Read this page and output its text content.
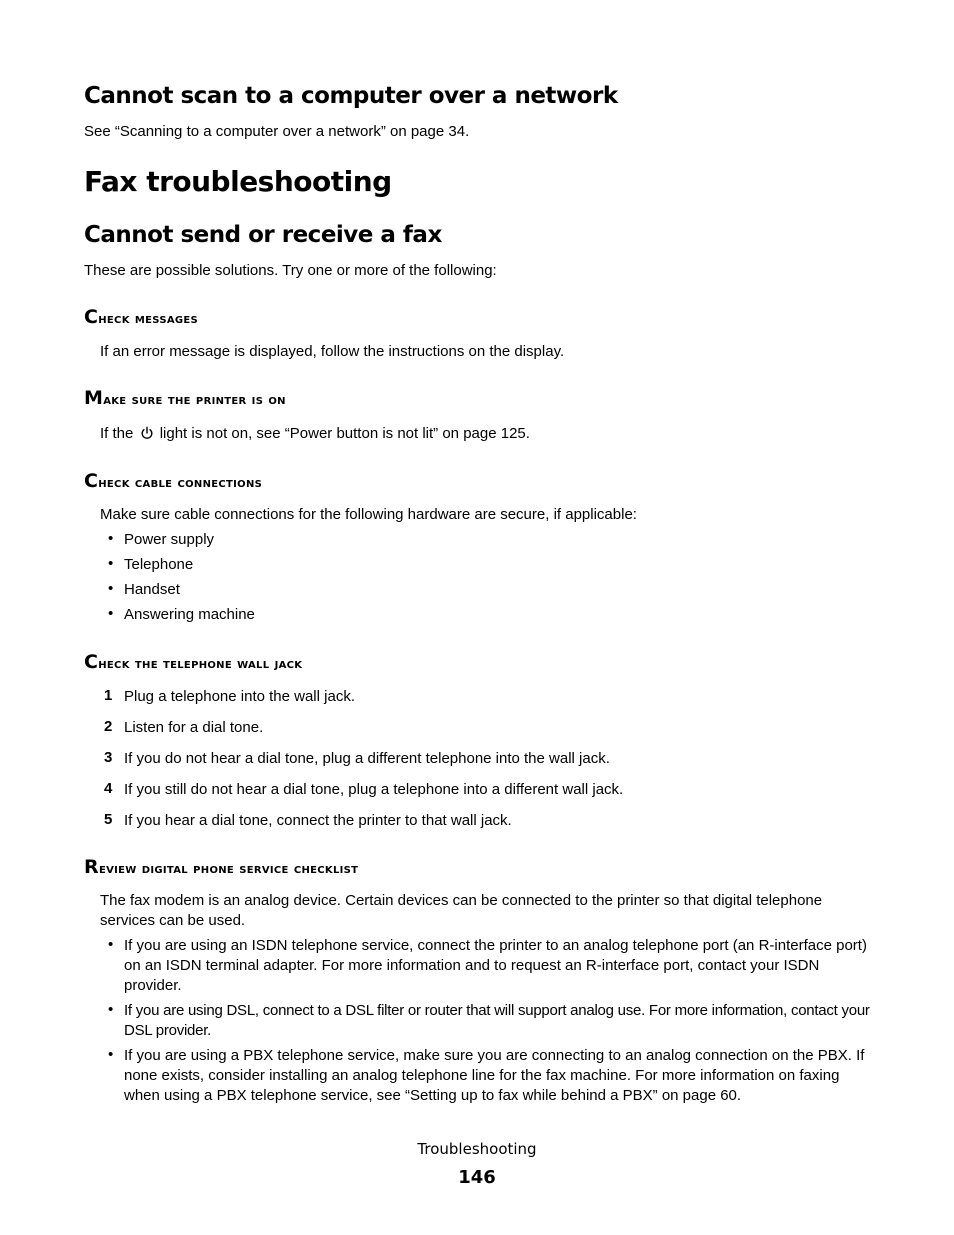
Cannot scan to a computer over a network
See “Scanning to a computer over a network” on page 34.
Fax troubleshooting
Cannot send or receive a fax
These are possible solutions. Try one or more of the following:
Check messages
If an error message is displayed, follow the instructions on the display.
Make sure the printer is on
If the light is not on, see “Power button is not lit” on page 125.
Check cable connections
Make sure cable connections for the following hardware are secure, if applicable:
• Power supply
• Telephone
• Handset
• Answering machine
Check the telephone wall jack
1 Plug a telephone into the wall jack.
2 Listen for a dial tone.
3 If you do not hear a dial tone, plug a different telephone into the wall jack.
4 If you still do not hear a dial tone, plug a telephone into a different wall jack.
5 If you hear a dial tone, connect the printer to that wall jack.
Review digital phone service checklist
The fax modem is an analog device. Certain devices can be connected to the printer so that digital telephone services can be used.
• If you are using an ISDN telephone service, connect the printer to an analog telephone port (an R-interface port) on an ISDN terminal adapter. For more information and to request an R-interface port, contact your ISDN provider.
• If you are using DSL, connect to a DSL filter or router that will support analog use. For more information, contact your DSL provider.
• If you are using a PBX telephone service, make sure you are connecting to an analog connection on the PBX. If none exists, consider installing an analog telephone line for the fax machine. For more information on faxing when using a PBX telephone service, see “Setting up to fax while behind a PBX” on page 60.
Troubleshooting
146
